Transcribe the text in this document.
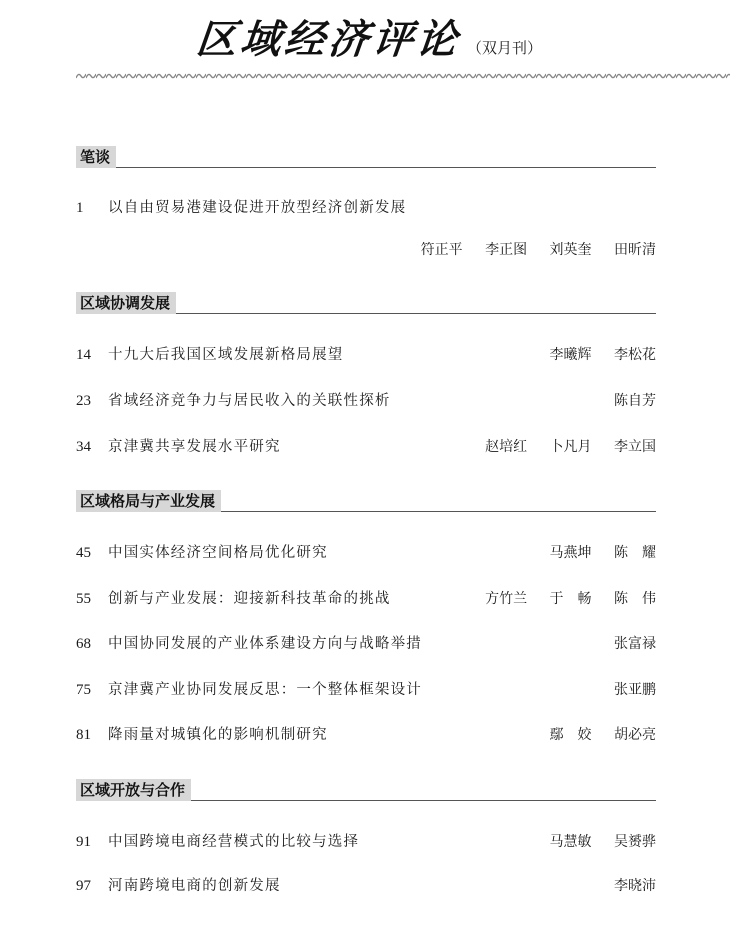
区域经济评论 （双月刊）
笔谈
1	以自由贸易港建设促进开放型经济创新发展
符正平 李正图 刘英奎 田昕清
区域协调发展
14	十九大后我国区域发展新格局展望	李曦辉 李松花
23	省域经济竞争力与居民收入的关联性探析	陈自芳
34	京津冀共享发展水平研究	赵培红 卜凡月 李立国
区域格局与产业发展
45	中国实体经济空间格局优化研究	马燕坤 陈　耀
55	创新与产业发展：迎接新科技革命的挑战	方竹兰 于　畅 陈　伟
68	中国协同发展的产业体系建设方向与战略举措	张富禄
75	京津冀产业协同发展反思：一个整体框架设计	张亚鹏
81	降雨量对城镇化的影响机制研究	鄢　姣 胡必亮
区域开放与合作
91	中国跨境电商经营模式的比较与选择	马慧敏 吴赟骅
97	河南跨境电商的创新发展	李晓沛
